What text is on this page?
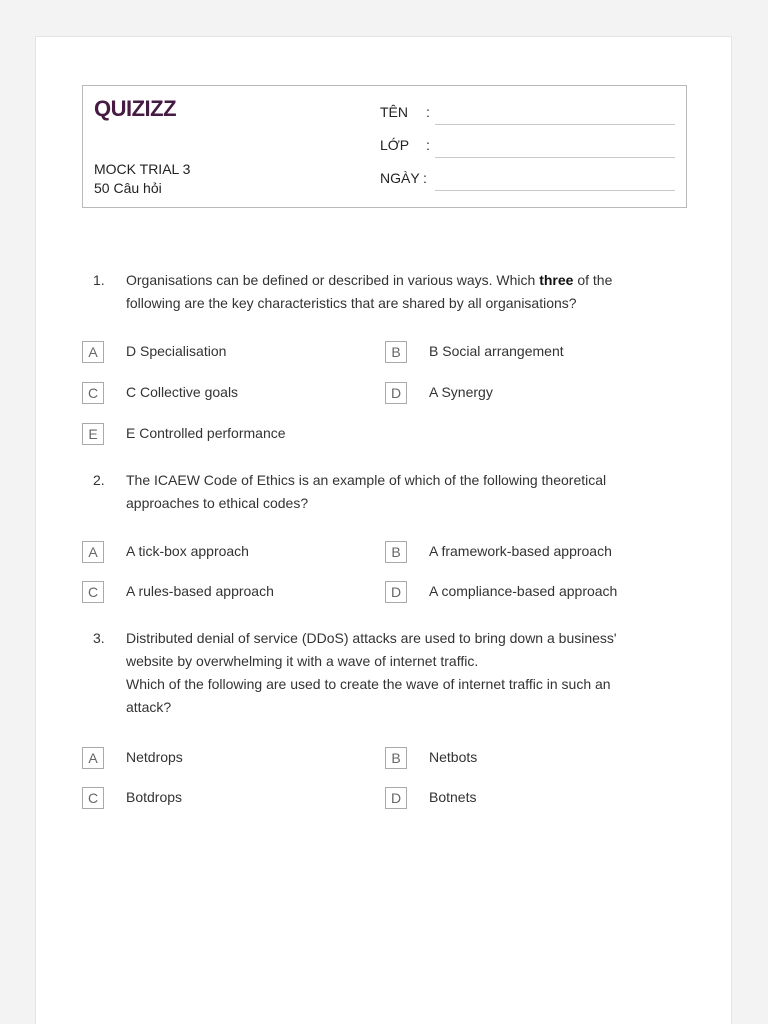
QUIZIZZ
MOCK TRIAL 3
50 Câu hỏi
TÊN :
LỚP :
NGÀY :
1. Organisations can be defined or described in various ways. Which three of the following are the key characteristics that are shared by all organisations?
A	D Specialisation	B	B Social arrangement
C	C Collective goals	D	A Synergy
E	E Controlled performance
2. The ICAEW Code of Ethics is an example of which of the following theoretical approaches to ethical codes?
A	A tick-box approach	B	A framework-based approach
C	A rules-based approach	D	A compliance-based approach
3. Distributed denial of service (DDoS) attacks are used to bring down a business' website by overwhelming it with a wave of internet traffic.
Which of the following are used to create the wave of internet traffic in such an attack?
A	Netdrops	B	Netbots
C	Botdrops	D	Botnets
